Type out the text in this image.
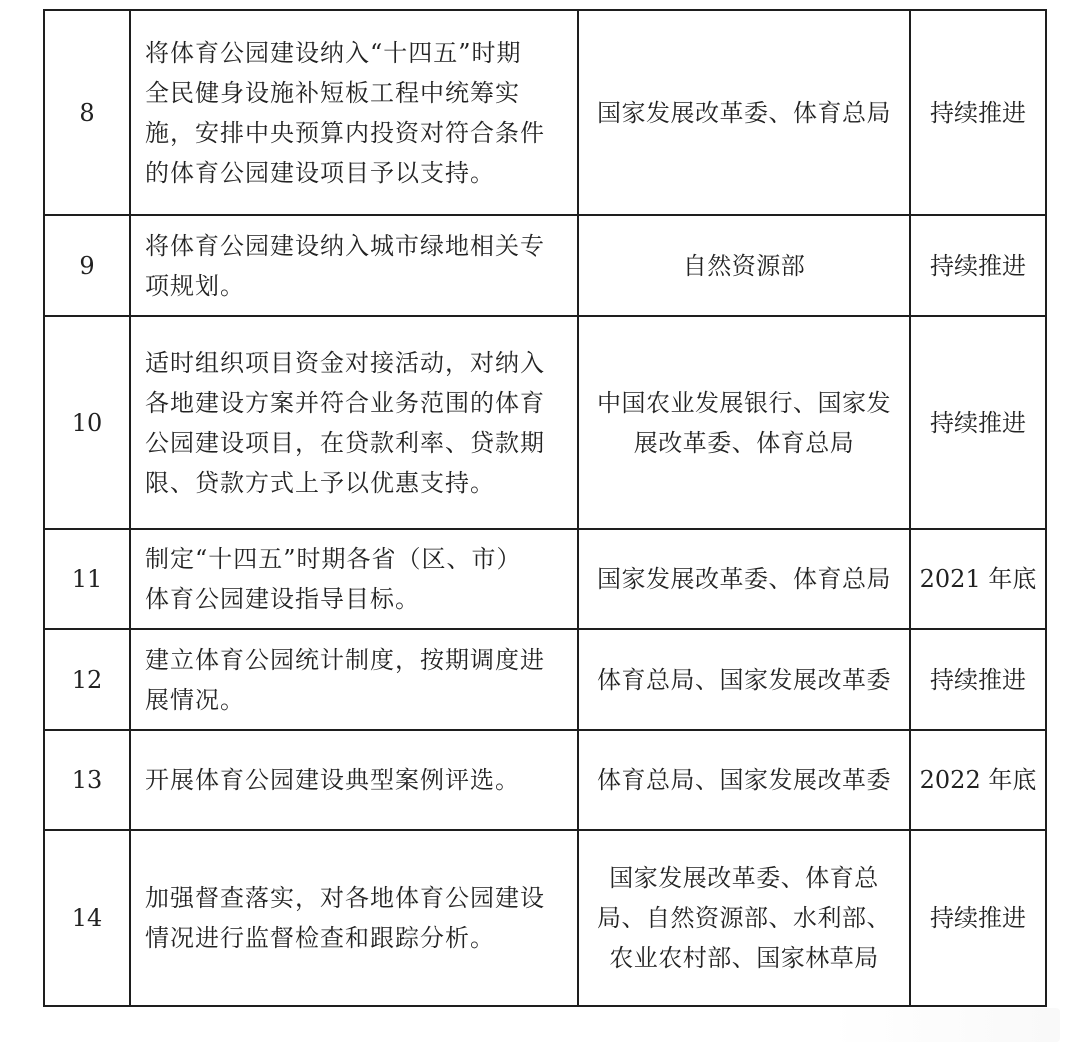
8	将体育公园建设纳入“十四五”时期
全民健身设施补短板工程中统筹实
施，安排中央预算内投资对符合条件
的体育公园建设项目予以支持。	国家发展改革委、体育总局	持续推进

9	将体育公园建设纳入城市绿地相关专
项规划。	自然资源部	持续推进

10	适时组织项目资金对接活动，对纳入
各地建设方案并符合业务范围的体育
公园建设项目，在贷款利率、贷款期
限、贷款方式上予以优惠支持。	中国农业发展银行、国家发
展改革委、体育总局	持续推进

11	制定“十四五”时期各省（区、市）
体育公园建设指导目标。	国家发展改革委、体育总局	2021 年底

12	建立体育公园统计制度，按期调度进
展情况。	体育总局、国家发展改革委	持续推进

13	开展体育公园建设典型案例评选。	体育总局、国家发展改革委	2022 年底

14	加强督查落实，对各地体育公园建设
情况进行监督检查和跟踪分析。	国家发展改革委、体育总
局、自然资源部、水利部、
农业农村部、国家林草局	持续推进
